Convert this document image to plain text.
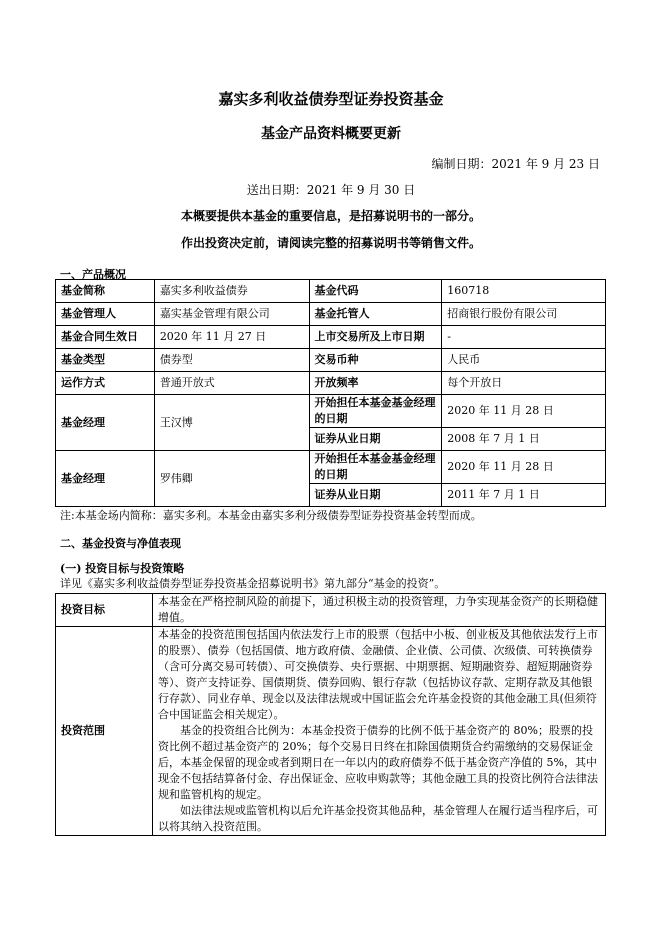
嘉实多利收益债券型证券投资基金
基金产品资料概要更新
编制日期：2021 年 9 月 23 日
送出日期：2021 年 9 月 30 日
本概要提供本基金的重要信息，是招募说明书的一部分。
作出投资决定前，请阅读完整的招募说明书等销售文件。
一、产品概况
基金简称	嘉实多利收益债券	基金代码	160718
基金管理人	嘉实基金管理有限公司	基金托管人	招商银行股份有限公司
基金合同生效日	2020 年 11 月 27 日	上市交易所及上市日期	-
基金类型	债券型	交易币种	人民币
运作方式	普通开放式	开放频率	每个开放日
基金经理	王汉博	开始担任本基金基金经理的日期	2020 年 11 月 28 日
		证券从业日期	2008 年 7 月 1 日
基金经理	罗伟卿	开始担任本基金基金经理的日期	2020 年 11 月 28 日
		证券从业日期	2011 年 7 月 1 日
注:本基金场内简称：嘉实多利。本基金由嘉实多利分级债券型证券投资基金转型而成。
二、基金投资与净值表现
(一) 投资目标与投资策略
详见《嘉实多利收益债券型证券投资基金招募说明书》第九部分“基金的投资”。
投资目标	本基金在严格控制风险的前提下，通过积极主动的投资管理，力争实现基金资产的长期稳健增值。

投资范围	本基金的投资范围包括国内依法发行上市的股票（包括中小板、创业板及其他依法发行上市的股票）、债券（包括国债、地方政府债、金融债、企业债、公司债、次级债、可转换债券（含可分离交易可转债）、可交换债券、央行票据、中期票据、短期融资券、超短期融资券等）、资产支持证券、国债期货、债券回购、银行存款（包括协议存款、定期存款及其他银行存款）、同业存单、现金以及法律法规或中国证监会允许基金投资的其他金融工具(但须符合中国证监会相关规定）。

基金的投资组合比例为：本基金投资于债券的比例不低于基金资产的 80%；股票的投资比例不超过基金资产的 20%；每个交易日日终在扣除国债期货合约需缴纳的交易保证金后，本基金保留的现金或者到期日在一年以内的政府债券不低于基金资产净值的 5%，其中现金不包括结算备付金、存出保证金、应收申购款等；其他金融工具的投资比例符合法律法规和监管机构的规定。

如法律法规或监管机构以后允许基金投资其他品种，基金管理人在履行适当程序后，可以将其纳入投资范围。
